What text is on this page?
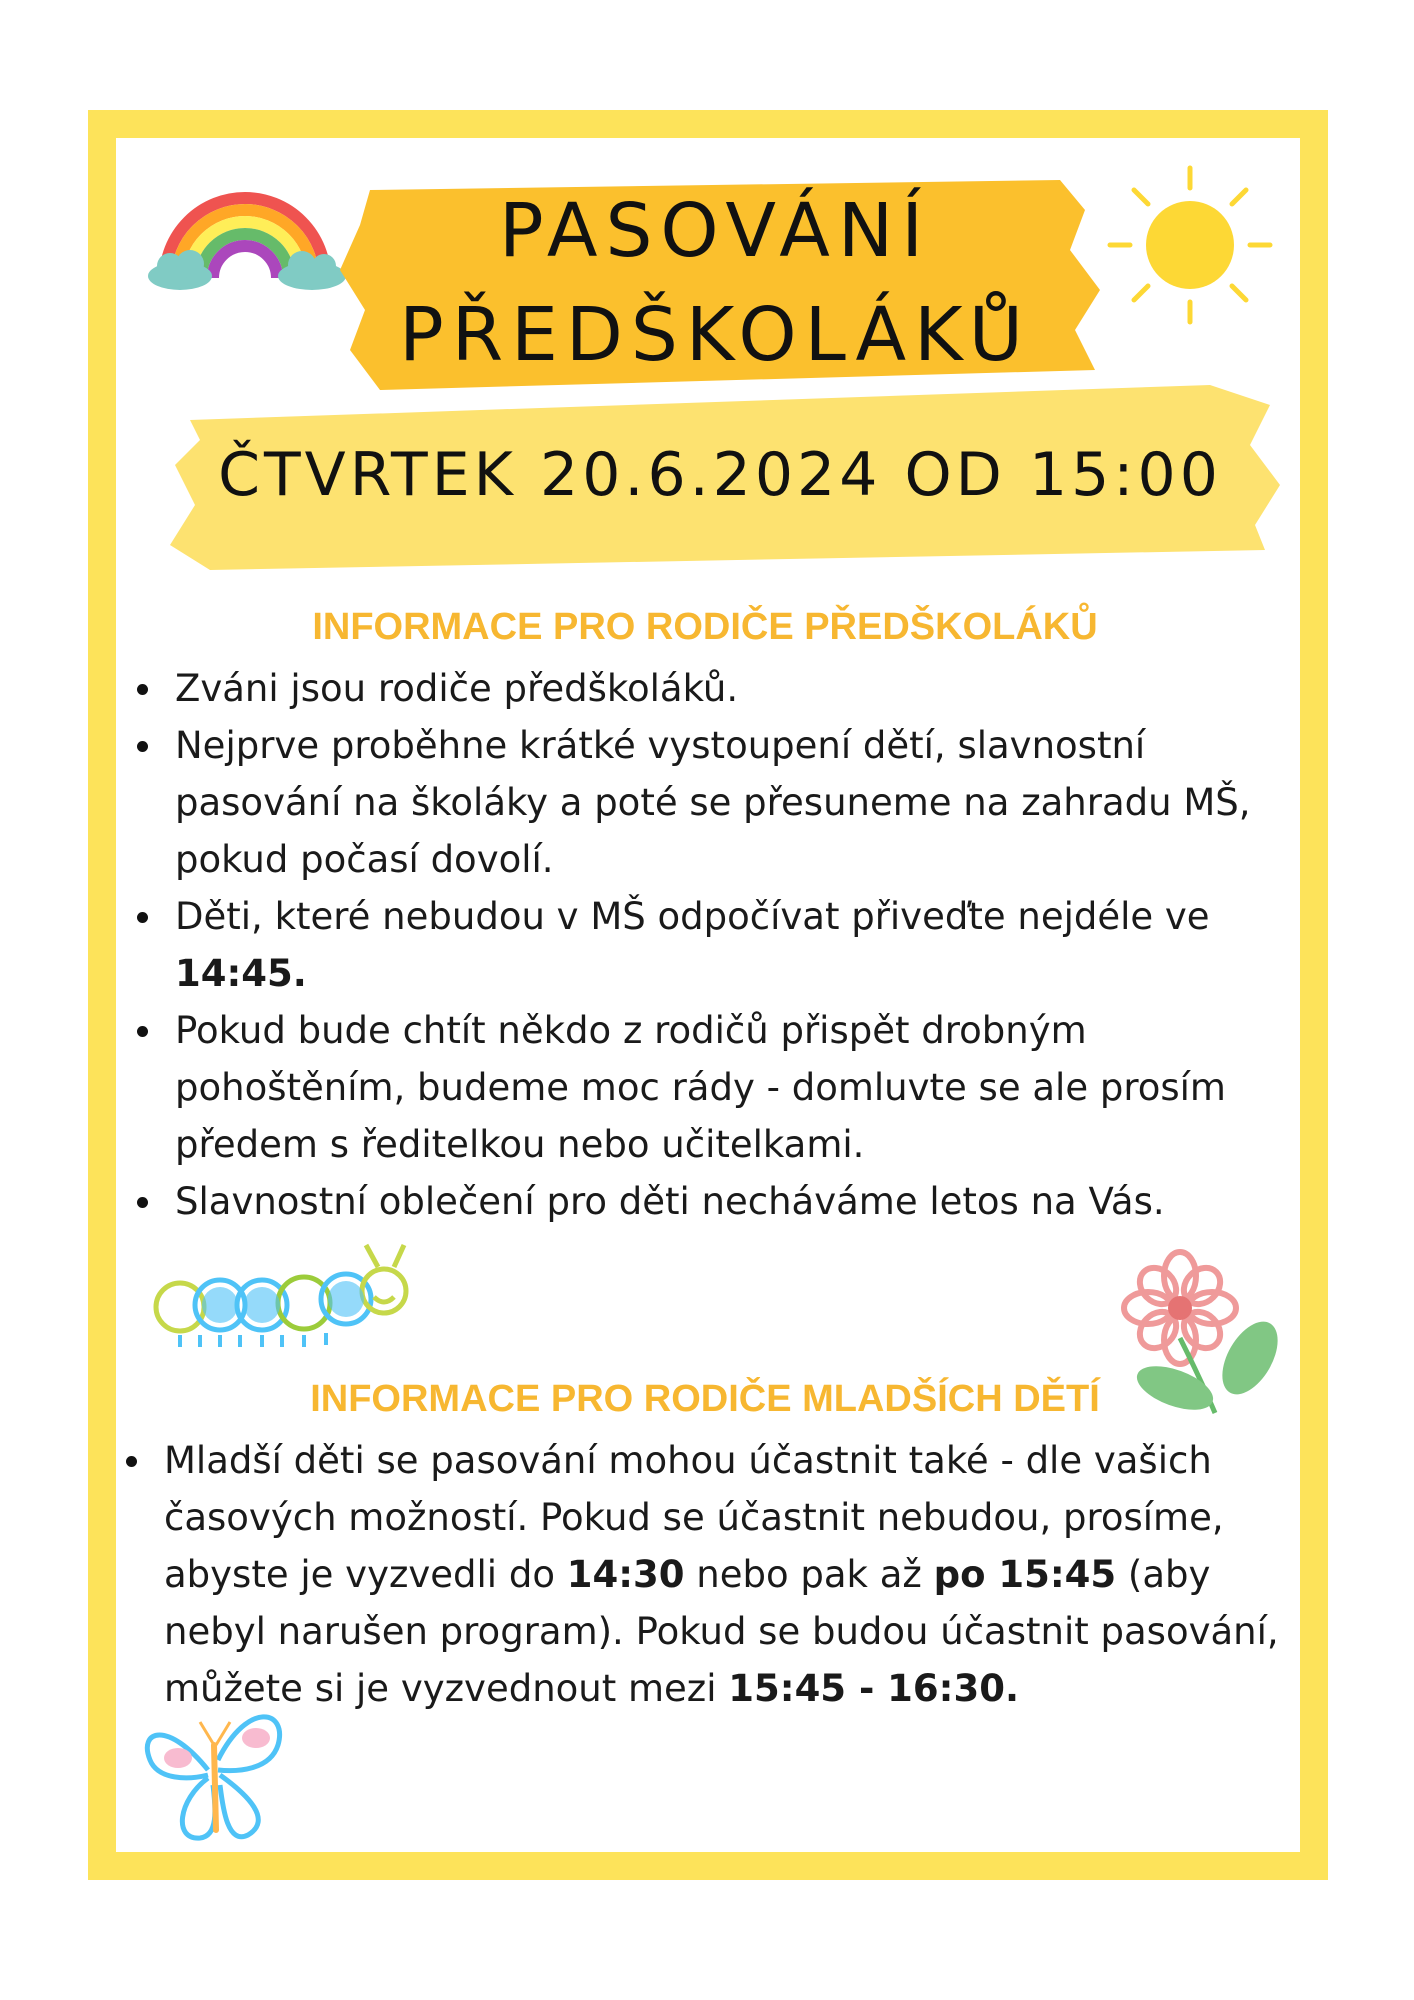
PASOVÁNÍ
PŘEDŠKOLÁKŮ
ČTVRTEK 20.6.2024 OD 15:00
INFORMACE PRO RODIČE PŘEDŠKOLÁKŮ
Zváni jsou rodiče předškoláků.
Nejprve proběhne krátké vystoupení dětí, slavnostní pasování na školáky a poté se přesuneme na zahradu MŠ, pokud počasí dovolí.
Děti, které nebudou v MŠ odpočívat přiveďte nejdéle ve 14:45.
Pokud bude chtít někdo z rodičů přispět drobným pohoštěním, budeme moc rády - domluvte se ale prosím předem s ředitelkou nebo učitelkami.
Slavnostní oblečení pro děti necháváme letos na Vás.
INFORMACE PRO RODIČE MLADŠÍCH DĚTÍ
Mladší děti se pasování mohou účastnit také - dle vašich časových možností. Pokud se účastnit nebudou, prosíme, abyste je vyzvedli do 14:30 nebo pak až po 15:45 (aby nebyl narušen program). Pokud se budou účastnit pasování, můžete si je vyzvednout mezi 15:45 - 16:30.
